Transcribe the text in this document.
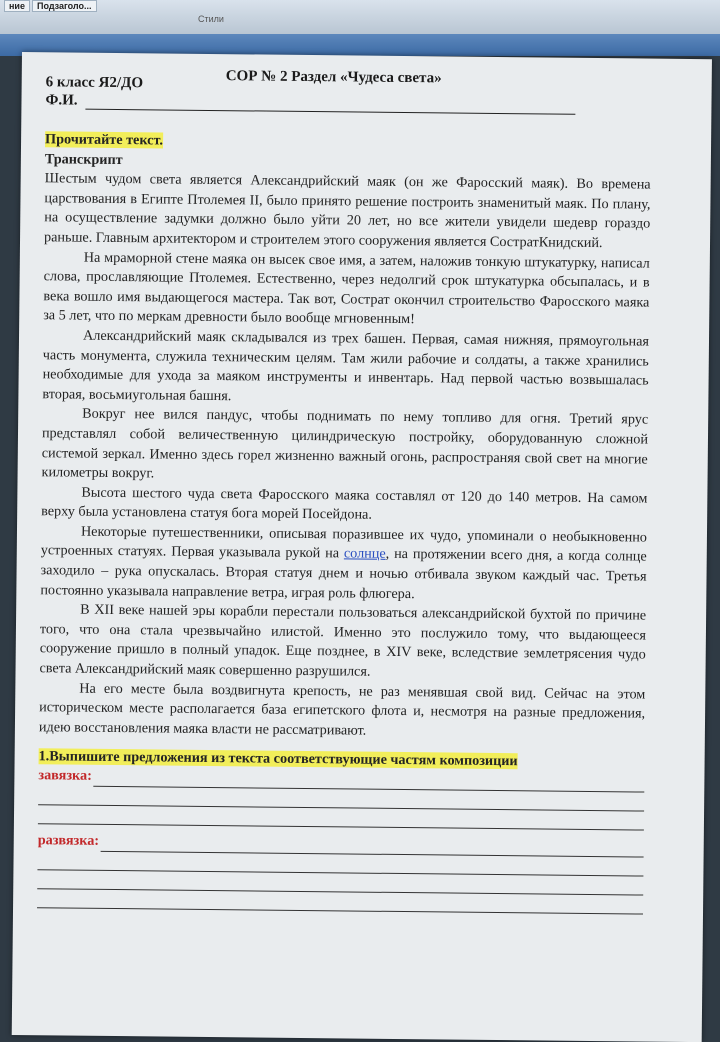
ние Подзаголо...
Стили
6 класс Я2/ДО	СОР № 2 Раздел «Чудеса света»
Ф.И.
Прочитайте текст.
Транскрипт

Шестым чудом света является Александрийский маяк (он же Фаросский маяк). Во времена царствования в Египте Птолемея II, было принято решение построить знаменитый маяк. По плану, на осуществление задумки должно было уйти 20 лет, но все жители увидели шедевр гораздо раньше. Главным архитектором и строителем этого сооружения является СостратКнидский.

На мраморной стене маяка он высек свое имя, а затем, наложив тонкую штукатурку, написал слова, прославляющие Птолемея. Естественно, через недолгий срок штукатурка обсыпалась, и в века вошло имя выдающегося мастера. Так вот, Сострат окончил строительство Фаросского маяка за 5 лет, что по меркам древности было вообще мгновенным!

Александрийский маяк складывался из трех башен. Первая, самая нижняя, прямоугольная часть монумента, служила техническим целям. Там жили рабочие и солдаты, а также хранились необходимые для ухода за маяком инструменты и инвентарь. Над первой частью возвышалась вторая, восьмиугольная башня.

Вокруг нее вился пандус, чтобы поднимать по нему топливо для огня. Третий ярус представлял собой величественную цилиндрическую постройку, оборудованную сложной системой зеркал. Именно здесь горел жизненно важный огонь, распространяя свой свет на многие километры вокруг.

Высота шестого чуда света Фаросского маяка составлял от 120 до 140 метров. На самом верху была установлена статуя бога морей Посейдона.

Некоторые путешественники, описывая поразившее их чудо, упоминали о необыкновенно устроенных статуях. Первая указывала рукой на солнце, на протяжении всего дня, а когда солнце заходило – рука опускалась. Вторая статуя днем и ночью отбивала звуком каждый час. Третья постоянно указывала направление ветра, играя роль флюгера.

В XII веке нашей эры корабли перестали пользоваться александрийской бухтой по причине того, что она стала чрезвычайно илистой. Именно это послужило тому, что выдающееся сооружение пришло в полный упадок. Еще позднее, в XIV веке, вследствие землетрясения чудо света Александрийский маяк совершенно разрушился.

На его месте была воздвигнута крепость, не раз менявшая свой вид. Сейчас на этом историческом месте располагается база египетского флота и, несмотря на разные предложения, идею восстановления маяка власти не рассматривают.

1.Выпишите предложения из текста соответствующие частям композиции
завязка:
развязка:
